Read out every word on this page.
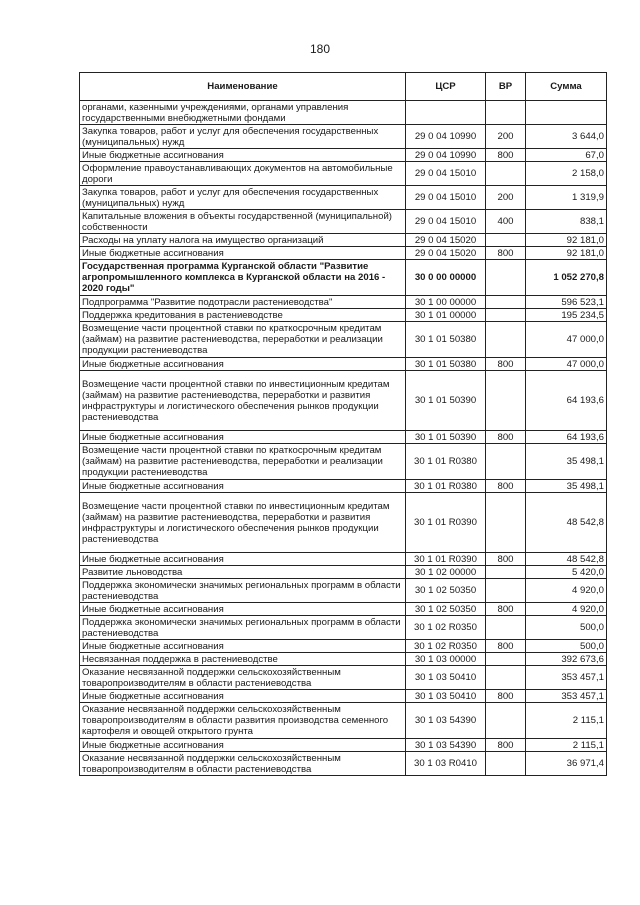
180
Наименование	ЦСР	ВР	Сумма
органами, казенными учреждениями, органами управления государственными внебюджетными фондами			
Закупка товаров, работ и услуг для обеспечения государственных (муниципальных) нужд	29 0 04 10990	200	3 644,0
Иные бюджетные ассигнования	29 0 04 10990	800	67,0
Оформление правоустанавливающих документов на автомобильные дороги	29 0 04 15010		2 158,0
Закупка товаров, работ и услуг для обеспечения государственных (муниципальных) нужд	29 0 04 15010	200	1 319,9
Капитальные вложения в объекты государственной (муниципальной) собственности	29 0 04 15010	400	838,1
Расходы на уплату налога на имущество организаций	29 0 04 15020		92 181,0
Иные бюджетные ассигнования	29 0 04 15020	800	92 181,0
Государственная программа Курганской области "Развитие агропромышленного комплекса в Курганской области на 2016 - 2020 годы"	30 0 00 00000		1 052 270,8
Подпрограмма "Развитие подотрасли растениеводства"	30 1 00 00000		596 523,1
Поддержка кредитования в растениеводстве	30 1 01 00000		195 234,5
Возмещение части процентной ставки по краткосрочным кредитам (займам) на развитие растениеводства, переработки и реализации продукции растениеводства	30 1 01 50380		47 000,0
Иные бюджетные ассигнования	30 1 01 50380	800	47 000,0
Возмещение части процентной ставки по инвестиционным кредитам (займам) на развитие растениеводства, переработки и развития инфраструктуры и логистического обеспечения рынков продукции растениеводства	30 1 01 50390		64 193,6
Иные бюджетные ассигнования	30 1 01 50390	800	64 193,6
Возмещение части процентной ставки по краткосрочным кредитам (займам) на развитие растениеводства, переработки и реализации продукции растениеводства	30 1 01 R0380		35 498,1
Иные бюджетные ассигнования	30 1 01 R0380	800	35 498,1
Возмещение части процентной ставки по инвестиционным кредитам (займам) на развитие растениеводства, переработки и развития инфраструктуры и логистического обеспечения рынков продукции растениеводства	30 1 01 R0390		48 542,8
Иные бюджетные ассигнования	30 1 01 R0390	800	48 542,8
Развитие льноводства	30 1 02 00000		5 420,0
Поддержка экономически значимых региональных программ в области растениеводства	30 1 02 50350		4 920,0
Иные бюджетные ассигнования	30 1 02 50350	800	4 920,0
Поддержка экономически значимых региональных программ в области растениеводства	30 1 02 R0350		500,0
Иные бюджетные ассигнования	30 1 02 R0350	800	500,0
Несвязанная поддержка в растениеводстве	30 1 03 00000		392 673,6
Оказание несвязанной поддержки сельскохозяйственным товаропроизводителям в области растениеводства	30 1 03 50410		353 457,1
Иные бюджетные ассигнования	30 1 03 50410	800	353 457,1
Оказание несвязанной поддержки сельскохозяйственным товаропроизводителям в области развития производства семенного картофеля и овощей открытого грунта	30 1 03 54390		2 115,1
Иные бюджетные ассигнования	30 1 03 54390	800	2 115,1
Оказание несвязанной поддержки сельскохозяйственным товаропроизводителям в области растениеводства	30 1 03 R0410		36 971,4
